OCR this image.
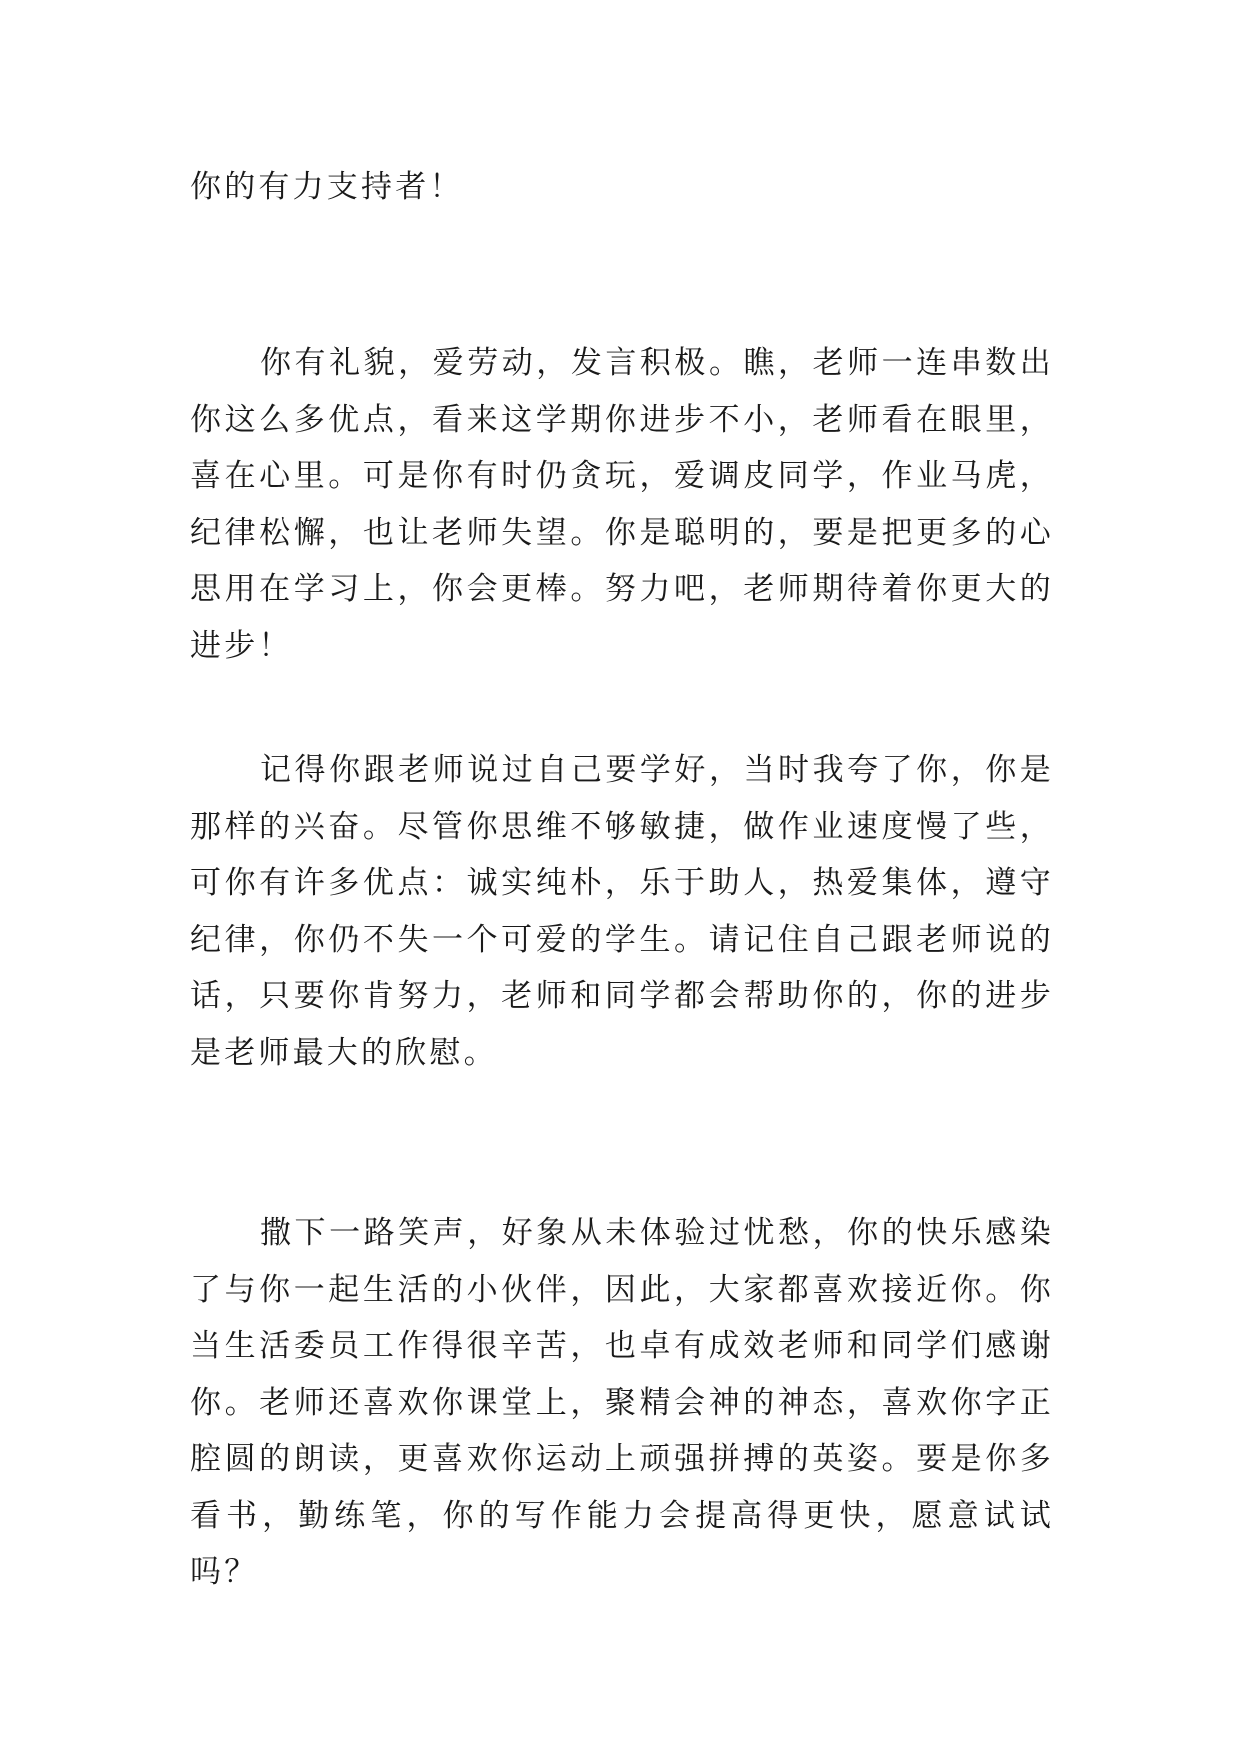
你的有力支持者！

你有礼貌，爱劳动，发言积极。瞧，老师一连串数出你这么多优点，看来这学期你进步不小，老师看在眼里，喜在心里。可是你有时仍贪玩，爱调皮同学，作业马虎，纪律松懈，也让老师失望。你是聪明的，要是把更多的心思用在学习上，你会更棒。努力吧，老师期待着你更大的进步！

记得你跟老师说过自己要学好，当时我夸了你，你是那样的兴奋。尽管你思维不够敏捷，做作业速度慢了些，可你有许多优点：诚实纯朴，乐于助人，热爱集体，遵守纪律，你仍不失一个可爱的学生。请记住自己跟老师说的话，只要你肯努力，老师和同学都会帮助你的，你的进步是老师最大的欣慰。

撒下一路笑声，好象从未体验过忧愁，你的快乐感染了与你一起生活的小伙伴，因此，大家都喜欢接近你。你当生活委员工作得很辛苦，也卓有成效老师和同学们感谢你。老师还喜欢你课堂上，聚精会神的神态，喜欢你字正腔圆的朗读，更喜欢你运动上顽强拼搏的英姿。要是你多看书，勤练笔，你的写作能力会提高得更快，愿意试试吗？
